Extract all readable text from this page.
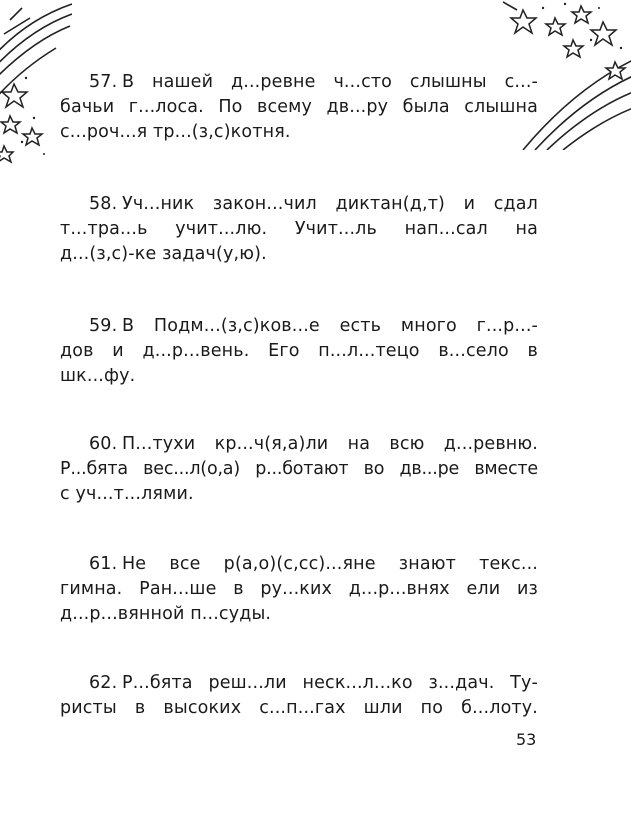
57. В нашей д...ревне ч...сто слышны с...-
бачьи г...лоса. По всему дв...ру была слышна
с...роч...я тр...(з,с)котня.
58. Уч...ник закон...чил диктан(д,т) и сдал
т...тра...ь учит...лю. Учит...ль нап...сал на
д...(з,с)-ке задач(у,ю).
59. В Подм...(з,с)ков...е есть много г...р...-
дов и д...р...вень. Его п...л...тецо в...село в
шк...фу.
60. П...тухи кр...ч(я,а)ли на всю д...ревню.
Р...бята вес...л(о,а) р...ботают во дв...ре вместе
с уч...т...лями.
61. Не все р(а,о)(с,сс)...яне знают текс...
гимна. Ран...ше в ру...ких д...р...внях ели из
д...р...вянной п...суды.
62. Р...бята реш...ли неск...л...ко з...дач. Ту-
ристы в высоких с...п...гах шли по б...лоту.
53
